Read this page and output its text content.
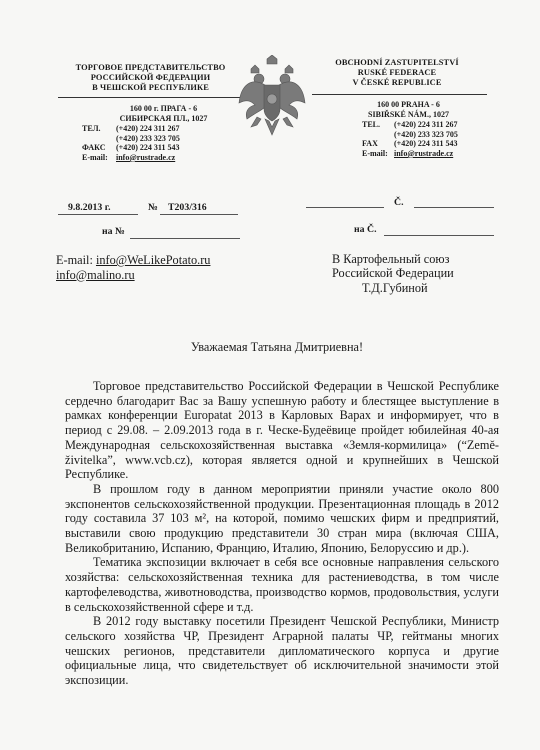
ТОРГОВОЕ ПРЕДСТАВИТЕЛЬСТВО
РОССИЙСКОЙ ФЕДЕРАЦИИ
В ЧЕШСКОЙ РЕСПУБЛИКЕ
160 00 г. ПРАГА - 6
СИБИРСКАЯ ПЛ., 1027
ТЕЛ. (+420) 224 311 267
(+420) 233 323 705
ФАКС (+420) 224 311 543
E-mail: info@rustrade.cz
OBCHODNÍ ZASTUPITELSTVÍ
RUSKÉ FEDERACE
V ČESKÉ REPUBLICE
160 00 PRAHA - 6
SIBIŘSKÉ NÁM., 1027
TEL. (+420) 224 311 267
(+420) 233 323 705
FAX (+420) 224 311 543
E-mail: info@rustrade.cz
9.8.2013 г.	№ T203/316	Č.
на №	на Č.
E-mail: info@WeLikePotato.ru
info@malino.ru
В Картофельный союз
Российской Федерации
Т.Д.Губиной
Уважаемая Татьяна Дмитриевна!

Торговое представительство Российской Федерации в Чешской Республике сердечно благодарит Вас за Вашу успешную работу и блестящее выступление в рамках конференции Europatat 2013 в Карловых Варах и информирует, что в период с 29.08. – 2.09.2013 года в г. Ческе-Будеёвице пройдет юбилейная 40-ая Международная сельскохозяйственная выставка «Земля-кормилица» (“Země-živitelka”, www.vcb.cz), которая является одной и крупнейших в Чешской Республике.

В прошлом году в данном мероприятии приняли участие около 800 экспонентов сельскохозяйственной продукции. Презентационная площадь в 2012 году составила 37 103 м², на которой, помимо чешских фирм и предприятий, выставили свою продукцию представители 30 стран мира (включая США, Великобританию, Испанию, Францию, Италию, Японию, Белоруссию и др.).

Тематика экспозиции включает в себя все основные направления сельского хозяйства: сельскохозяйственная техника для растениеводства, в том числе картофелеводства, животноводства, производство кормов, продовольствия, услуги в сельскохозяйственной сфере и т.д.

В 2012 году выставку посетили Президент Чешской Республики, Министр сельского хозяйства ЧР, Президент Аграрной палаты ЧР, гейтманы многих чешских регионов, представители дипломатического корпуса и другие официальные лица, что свидетельствует об исключительной значимости этой экспозиции.
